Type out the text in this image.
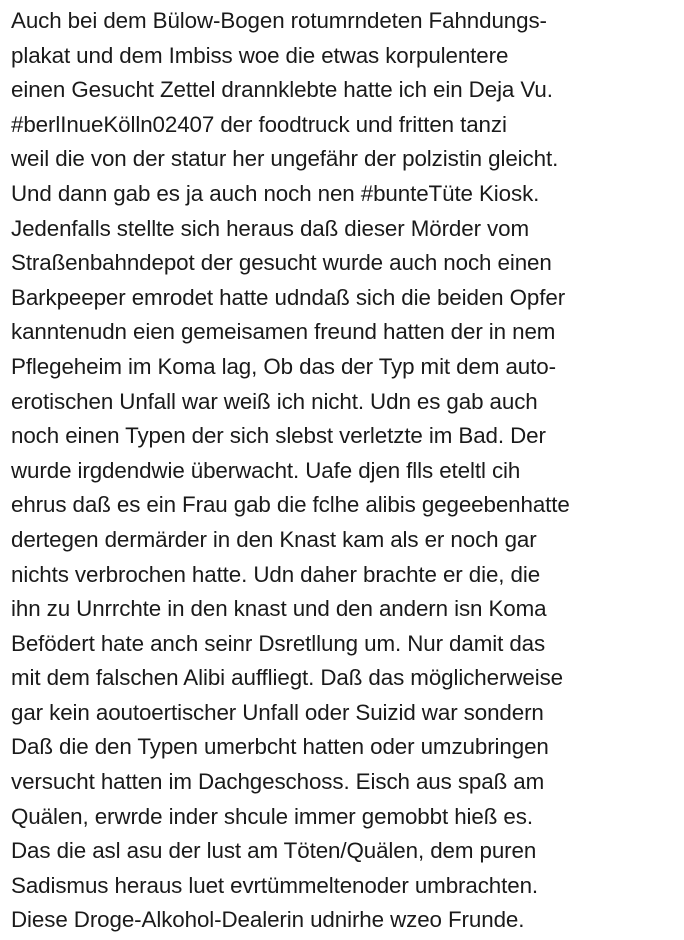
Auch bei dem Bülow-Bogen rotumrndeten Fahndungs-
plakat und dem Imbiss woe die etwas korpulentere
einen Gesucht Zettel drannklebte hatte ich ein Deja Vu.
#berlInueKölln02407 der foodtruck und fritten tanzi
weil die von der statur her ungefähr der polzistin gleicht.
Und dann gab es ja auch noch nen #bunteTüte Kiosk.
Jedenfalls stellte sich heraus daß dieser Mörder vom
Straßenbahndepot der gesucht wurde auch noch einen
Barkpeeper emrodet hatte udndaß sich die beiden Opfer
kanntenudn eien gemeisamen freund hatten der in nem
Pflegeheim im Koma lag, Ob das der Typ mit dem auto-
erotischen Unfall war weiß ich nicht. Udn es gab auch
noch einen Typen der sich slebst verletzte im Bad. Der
wurde irgdendwie überwacht. Uafe djen flls eteltl cih
ehrus daß es ein Frau gab die fclhe alibis gegeebenhatte
dertegen dermärder in den Knast kam als er noch gar
nichts verbrochen hatte. Udn daher brachte er die, die
ihn zu Unrrchte in den knast und den andern isn Koma
Befödert hate anch seinr Dsretllung um. Nur damit das
mit dem falschen Alibi auffliegt. Daß das möglicherweise
gar kein aoutoertischer Unfall oder Suizid war sondern
Daß die den Typen umerbcht hatten oder umzubringen
versucht hatten im Dachgeschoss. Eisch aus spaß am
Quälen, erwrde inder shcule immer gemobbt hieß es.
Das die asl asu der lust am Töten/Quälen, dem puren
Sadismus heraus luet evrtümmeltenoder umbrachten.
Diese Droge-Alkohol-Dealerin udnirhe wzeo Frunde.
